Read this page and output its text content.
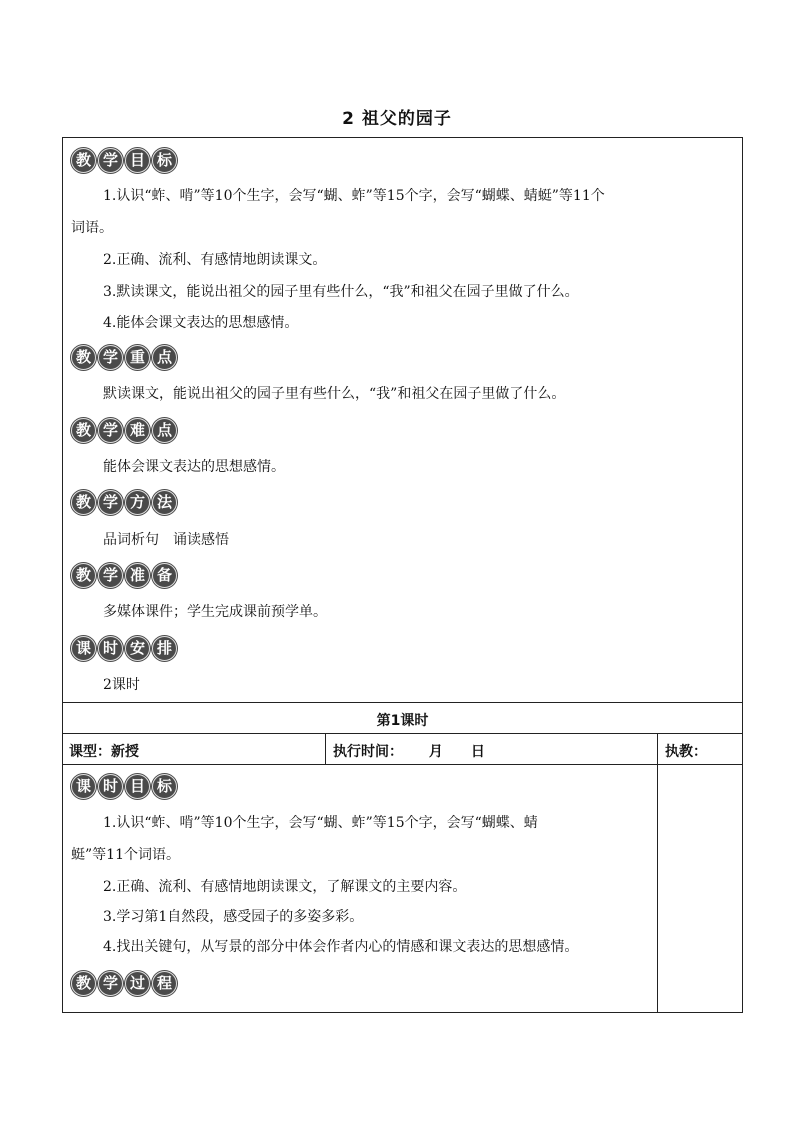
2 祖父的园子
教 学 目 标
1.认识“蚱、啃”等10个生字，会写“蝴、蚱”等15个字，会写“蝴蝶、蜻蜓”等11个
词语。
2.正确、流利、有感情地朗读课文。
3.默读课文，能说出祖父的园子里有些什么，“我”和祖父在园子里做了什么。
4.能体会课文表达的思想感情。
教 学 重 点
默读课文，能说出祖父的园子里有些什么，“我”和祖父在园子里做了什么。
教 学 难 点
能体会课文表达的思想感情。
教 学 方 法
品词析句　诵读感悟
教 学 准 备
多媒体课件；学生完成课前预学单。
课 时 安 排
2课时
第1课时
课型：新授	执行时间：　　 月　　日	执教：
课 时 目 标
1.认识“蚱、啃”等10个生字，会写“蝴、蚱”等15个字，会写“蝴蝶、蜻
蜓”等11个词语。
2.正确、流利、有感情地朗读课文，了解课文的主要内容。
3.学习第1自然段，感受园子的多姿多彩。
4.找出关键句，从写景的部分中体会作者内心的情感和课文表达的思想感情。
教 学 过 程
